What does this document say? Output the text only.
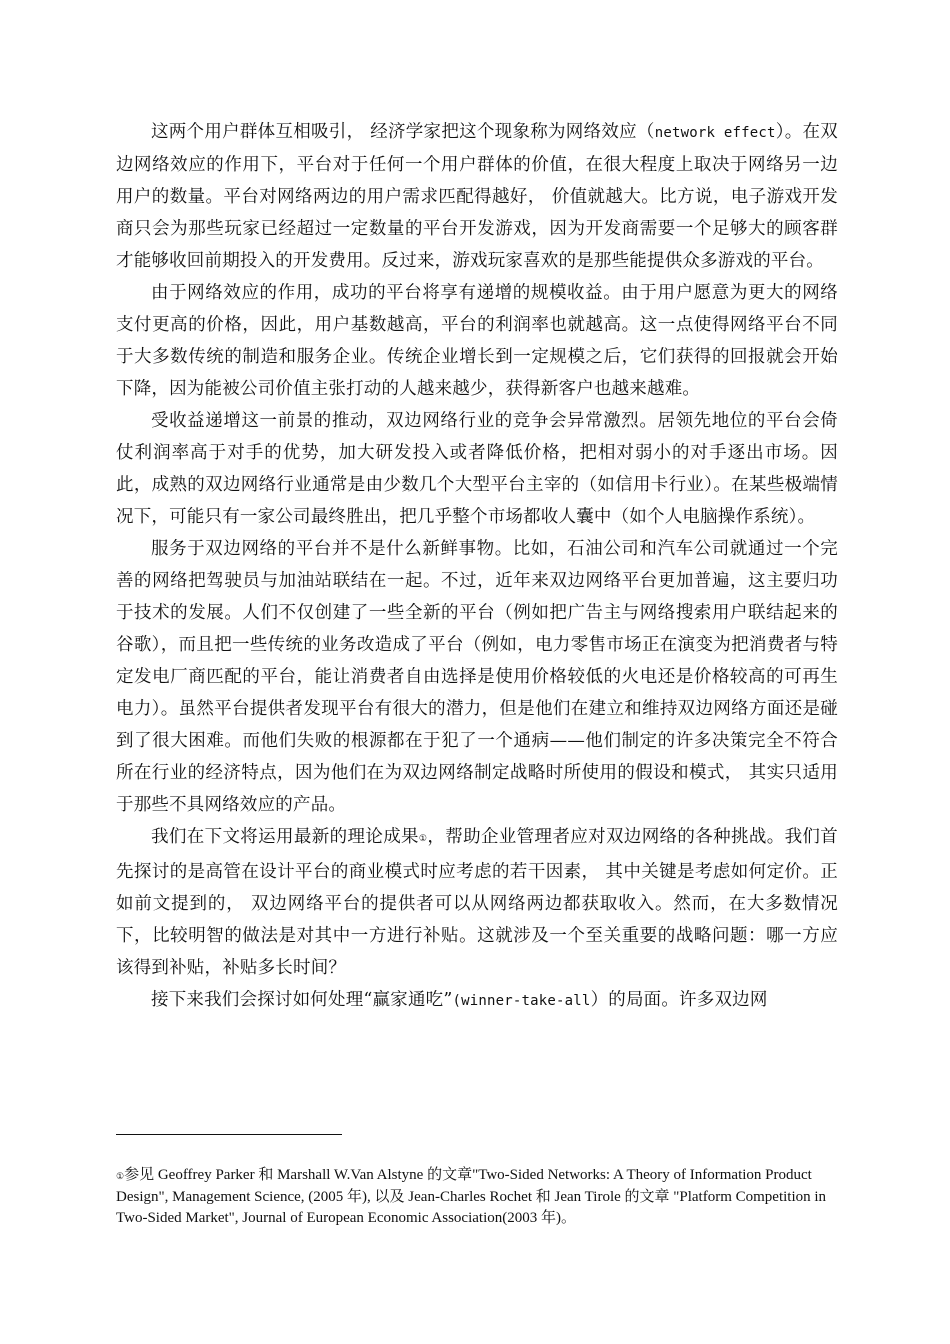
这两个用户群体互相吸引， 经济学家把这个现象称为网络效应（network effect）。在双边网络效应的作用下，平台对于任何一个用户群体的价值，在很大程度上取决于网络另一边用户的数量。平台对网络两边的用户需求匹配得越好， 价值就越大。比方说，电子游戏开发商只会为那些玩家已经超过一定数量的平台开发游戏，因为开发商需要一个足够大的顾客群才能够收回前期投入的开发费用。反过来，游戏玩家喜欢的是那些能提供众多游戏的平台。

由于网络效应的作用，成功的平台将享有递增的规模收益。由于用户愿意为更大的网络支付更高的价格，因此，用户基数越高，平台的利润率也就越高。这一点使得网络平台不同于大多数传统的制造和服务企业。传统企业增长到一定规模之后，它们获得的回报就会开始下降，因为能被公司价值主张打动的人越来越少，获得新客户也越来越难。

受收益递增这一前景的推动，双边网络行业的竞争会异常激烈。居领先地位的平台会倚仗利润率高于对手的优势，加大研发投入或者降低价格，把相对弱小的对手逐出市场。因此，成熟的双边网络行业通常是由少数几个大型平台主宰的（如信用卡行业）。在某些极端情况下，可能只有一家公司最终胜出，把几乎整个市场都收人囊中（如个人电脑操作系统）。

服务于双边网络的平台并不是什么新鲜事物。比如，石油公司和汽车公司就通过一个完善的网络把驾驶员与加油站联结在一起。不过，近年来双边网络平台更加普遍，这主要归功于技术的发展。人们不仅创建了一些全新的平台（例如把广告主与网络搜索用户联结起来的谷歌），而且把一些传统的业务改造成了平台（例如，电力零售市场正在演变为把消费者与特定发电厂商匹配的平台，能让消费者自由选择是使用价格较低的火电还是价格较高的可再生电力）。虽然平台提供者发现平台有很大的潜力，但是他们在建立和维持双边网络方面还是碰到了很大困难。而他们失败的根源都在于犯了一个通病——他们制定的许多决策完全不符合所在行业的经济特点，因为他们在为双边网络制定战略时所使用的假设和模式， 其实只适用于那些不具网络效应的产品。

我们在下文将运用最新的理论成果①，帮助企业管理者应对双边网络的各种挑战。我们首先探讨的是高管在设计平台的商业模式时应考虑的若干因素， 其中关键是考虑如何定价。正如前文提到的， 双边网络平台的提供者可以从网络两边都获取收入。然而，在大多数情况下，比较明智的做法是对其中一方进行补贴。这就涉及一个至关重要的战略问题：哪一方应该得到补贴，补贴多长时间？

接下来我们会探讨如何处理“赢家通吃”(winner-take-all）的局面。许多双边网

①参见 Geoffrey Parker 和 Marshall W.Van Alstyne 的文章"Two-Sided Networks: A Theory of Information Product Design", Management Science, (2005 年), 以及 Jean-Charles Rochet 和 Jean Tirole 的文章 "Platform Competition in Two-Sided Market", Journal of European Economic Association(2003 年)。
